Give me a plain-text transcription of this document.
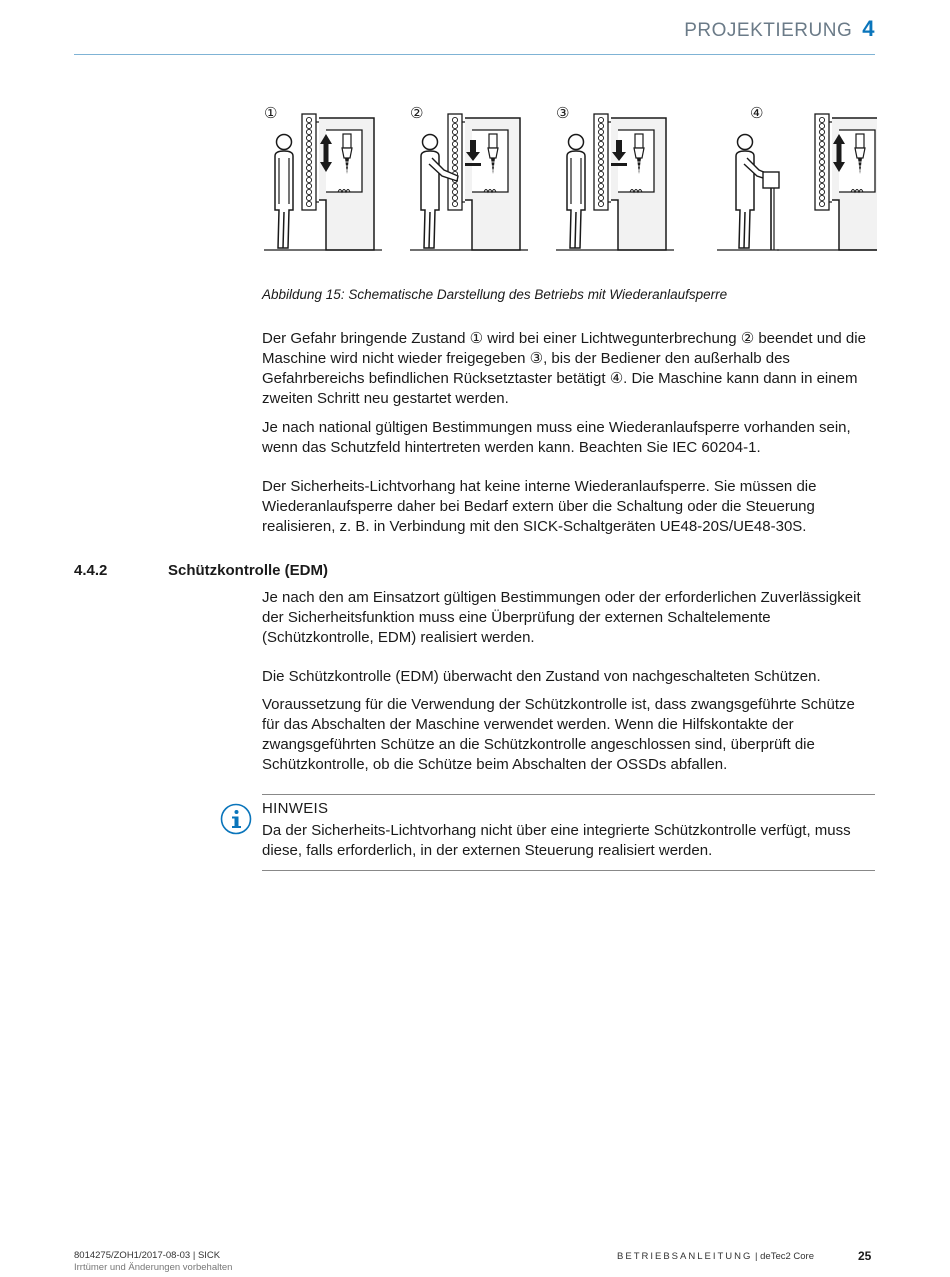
PROJEKTIERUNG 4
①	②	③	④
Abbildung 15: Schematische Darstellung des Betriebs mit Wiederanlaufsperre

Der Gefahr bringende Zustand ① wird bei einer Lichtwegunterbrechung ② beendet und die Maschine wird nicht wieder freigegeben ③, bis der Bediener den außerhalb des Gefahrbereichs befindlichen Rücksetztaster betätigt ④. Die Maschine kann dann in einem zweiten Schritt neu gestartet werden.

Je nach national gültigen Bestimmungen muss eine Wiederanlaufsperre vorhanden sein, wenn das Schutzfeld hintertreten werden kann. Beachten Sie IEC 60204-1.

Der Sicherheits-Lichtvorhang hat keine interne Wiederanlaufsperre. Sie müssen die Wiederanlaufsperre daher bei Bedarf extern über die Schaltung oder die Steuerung realisieren, z. B. in Verbindung mit den SICK-Schaltgeräten UE48-20S/UE48-30S.

4.4.2	Schützkontrolle (EDM)

Je nach den am Einsatzort gültigen Bestimmungen oder der erforderlichen Zuverlässigkeit der Sicherheitsfunktion muss eine Überprüfung der externen Schaltelemente (Schützkontrolle, EDM) realisiert werden.

Die Schützkontrolle (EDM) überwacht den Zustand von nachgeschalteten Schützen.

Voraussetzung für die Verwendung der Schützkontrolle ist, dass zwangsgeführte Schütze für das Abschalten der Maschine verwendet werden. Wenn die Hilfskontakte der zwangsgeführten Schütze an die Schützkontrolle angeschlossen sind, überprüft die Schützkontrolle, ob die Schütze beim Abschalten der OSSDs abfallen.

HINWEIS
Da der Sicherheits-Lichtvorhang nicht über eine integrierte Schützkontrolle verfügt, muss diese, falls erforderlich, in der externen Steuerung realisiert werden.
8014275/ZOH1/2017-08-03 | SICK
Irrtümer und Änderungen vorbehalten
BETRIEBSANLEITUNG | deTec2 Core	25
